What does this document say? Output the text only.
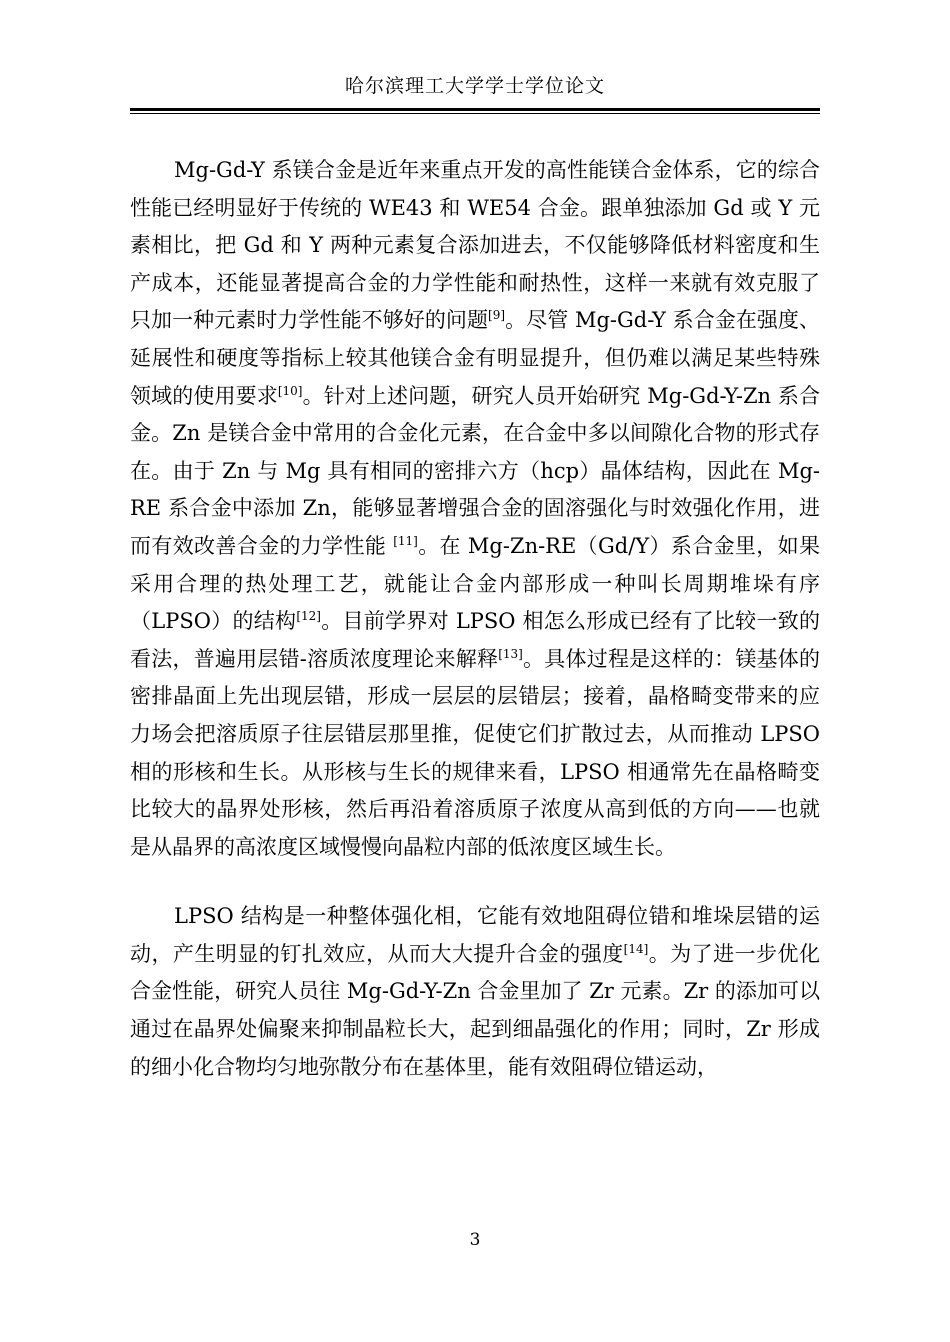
哈尔滨理工大学学士学位论文

Mg-Gd-Y 系镁合金是近年来重点开发的高性能镁合金体系，它的综合性能已经明显好于传统的 WE43 和 WE54 合金。跟单独添加 Gd 或 Y 元素相比，把 Gd 和 Y 两种元素复合添加进去，不仅能够降低材料密度和生产成本，还能显著提高合金的力学性能和耐热性，这样一来就有效克服了只加一种元素时力学性能不够好的问题[9]。尽管 Mg-Gd-Y 系合金在强度、延展性和硬度等指标上较其他镁合金有明显提升，但仍难以满足某些特殊领域的使用要求[10]。针对上述问题，研究人员开始研究 Mg-Gd-Y-Zn 系合金。Zn 是镁合金中常用的合金化元素，在合金中多以间隙化合物的形式存在。由于 Zn 与 Mg 具有相同的密排六方（hcp）晶体结构，因此在 Mg-RE 系合金中添加 Zn，能够显著增强合金的固溶强化与时效强化作用，进而有效改善合金的力学性能 [11]。在 Mg-Zn-RE（Gd/Y）系合金里，如果采用合理的热处理工艺，就能让合金内部形成一种叫长周期堆垛有序（LPSO）的结构[12]。目前学界对 LPSO 相怎么形成已经有了比较一致的看法，普遍用层错-溶质浓度理论来解释[13]。具体过程是这样的：镁基体的密排晶面上先出现层错，形成一层层的层错层；接着，晶格畸变带来的应力场会把溶质原子往层错层那里推，促使它们扩散过去，从而推动 LPSO 相的形核和生长。从形核与生长的规律来看，LPSO 相通常先在晶格畸变比较大的晶界处形核，然后再沿着溶质原子浓度从高到低的方向——也就是从晶界的高浓度区域慢慢向晶粒内部的低浓度区域生长。

LPSO 结构是一种整体强化相，它能有效地阻碍位错和堆垛层错的运动，产生明显的钉扎效应，从而大大提升合金的强度[14]。为了进一步优化合金性能，研究人员往 Mg-Gd-Y-Zn 合金里加了 Zr 元素。Zr 的添加可以通过在晶界处偏聚来抑制晶粒长大，起到细晶强化的作用；同时，Zr 形成的细小化合物均匀地弥散分布在基体里，能有效阻碍位错运动，

3
